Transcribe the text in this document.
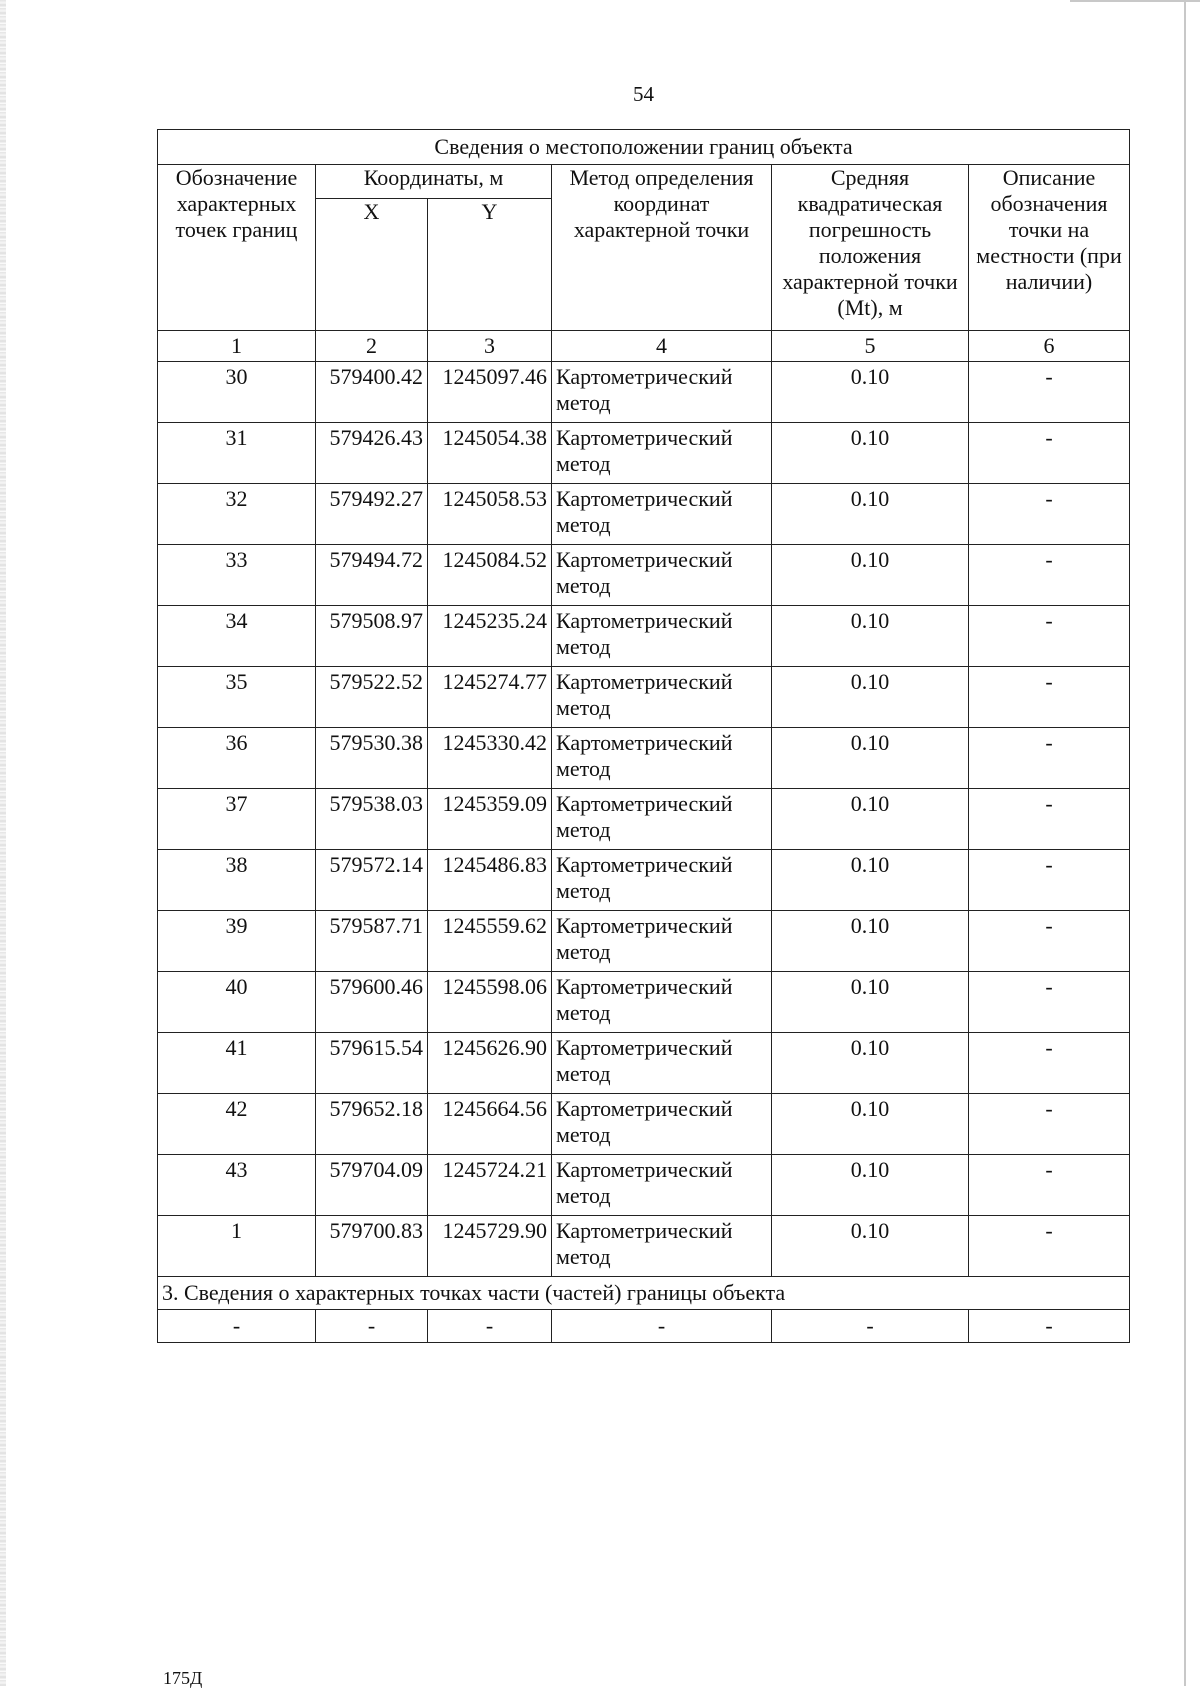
54
Сведения о местоположении границ объекта					
Обозначение характерных точек границ	Координаты, м		Метод определения координат характерной точки	Средняя квадратическая погрешность положения характерной точки (Mt), м	Описание обозначения точки на местности (при наличии)
	X	Y			
1	2	3	4	5	6
30	579400.42	1245097.46	Картометрический метод	0.10	-
31	579426.43	1245054.38	Картометрический метод	0.10	-
32	579492.27	1245058.53	Картометрический метод	0.10	-
33	579494.72	1245084.52	Картометрический метод	0.10	-
34	579508.97	1245235.24	Картометрический метод	0.10	-
35	579522.52	1245274.77	Картометрический метод	0.10	-
36	579530.38	1245330.42	Картометрический метод	0.10	-
37	579538.03	1245359.09	Картометрический метод	0.10	-
38	579572.14	1245486.83	Картометрический метод	0.10	-
39	579587.71	1245559.62	Картометрический метод	0.10	-
40	579600.46	1245598.06	Картометрический метод	0.10	-
41	579615.54	1245626.90	Картометрический метод	0.10	-
42	579652.18	1245664.56	Картометрический метод	0.10	-
43	579704.09	1245724.21	Картометрический метод	0.10	-
1	579700.83	1245729.90	Картометрический метод	0.10	-
3. Сведения о характерных точках части (частей) границы объекта					
-	-	-	-	-	-
175Д
